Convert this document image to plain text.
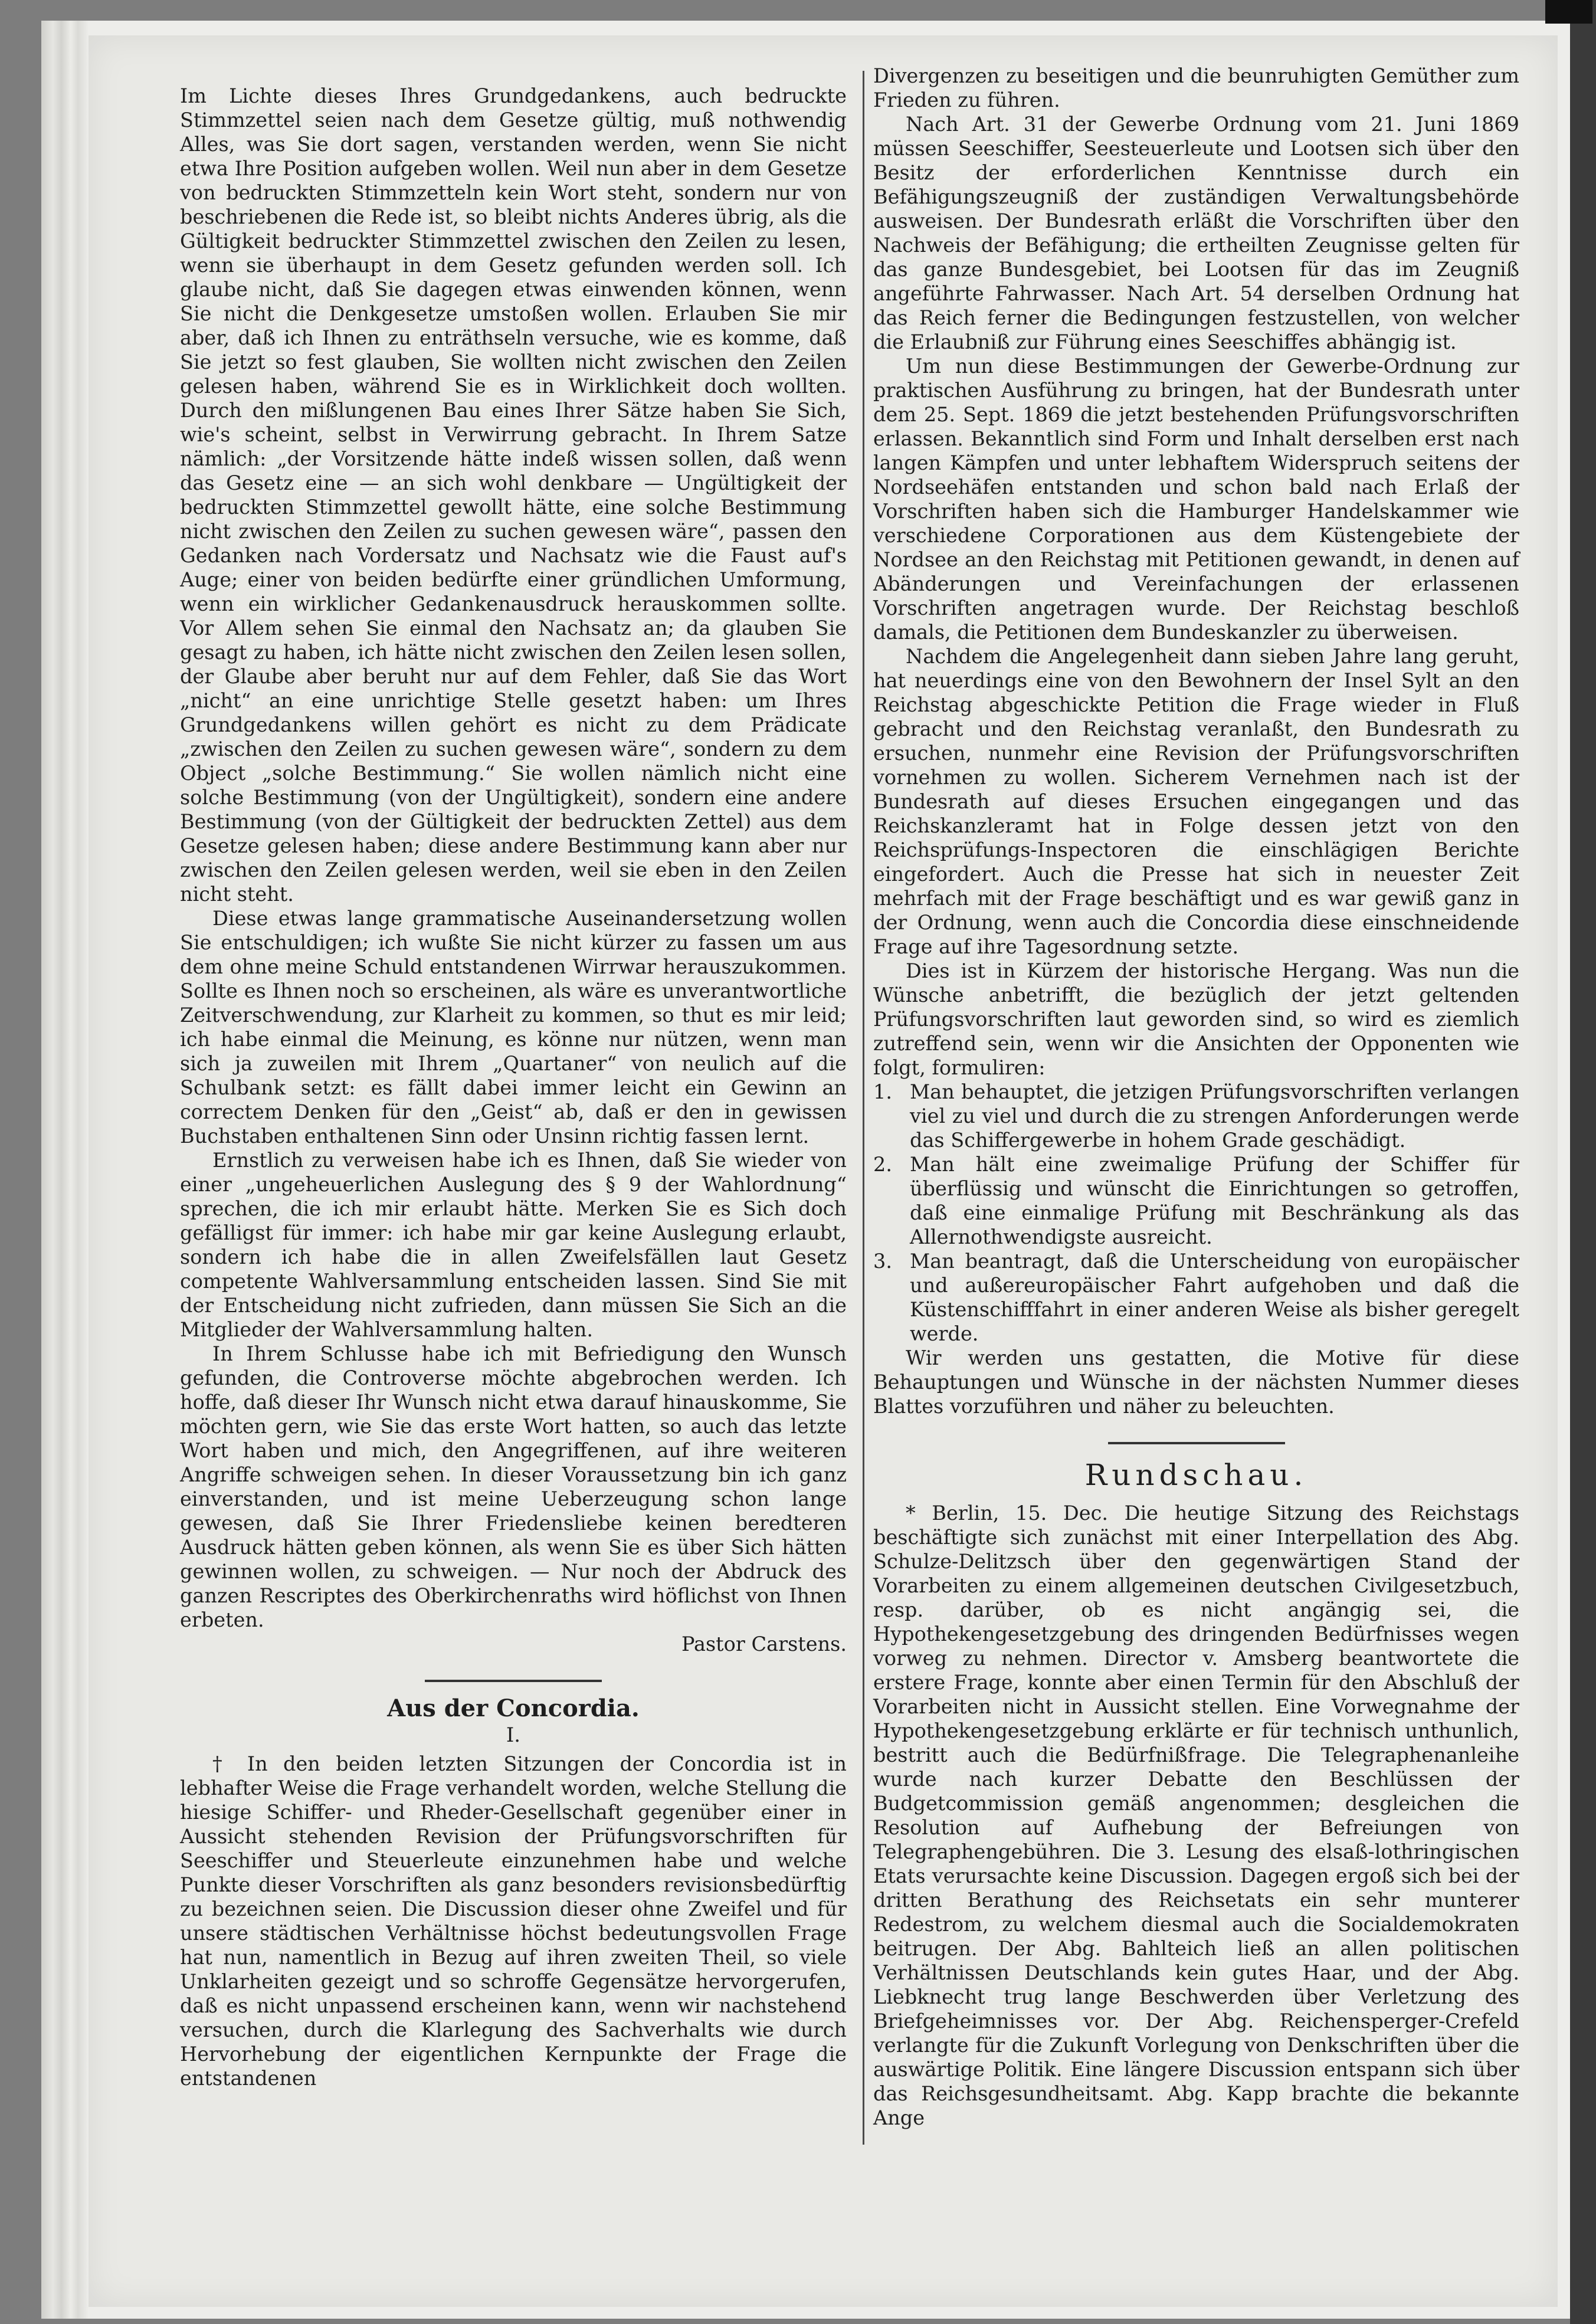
Im Lichte dieses Ihres Grundgedankens, auch bedruckte Stimmzettel seien nach dem Gesetze gültig, muß nothwendig Alles, was Sie dort sagen, verstanden werden, wenn Sie nicht etwa Ihre Position aufgeben wollen. Weil nun aber in dem Gesetze von bedruckten Stimmzetteln kein Wort steht, sondern nur von beschriebenen die Rede ist, so bleibt nichts Anderes übrig, als die Gültigkeit bedruckter Stimmzettel zwischen den Zeilen zu lesen, wenn sie überhaupt in dem Gesetz gefunden werden soll. Ich glaube nicht, daß Sie dagegen etwas einwenden können, wenn Sie nicht die Denkgesetze umstoßen wollen. Erlauben Sie mir aber, daß ich Ihnen zu enträthseln versuche, wie es komme, daß Sie jetzt so fest glauben, Sie wollten nicht zwischen den Zeilen gelesen haben, während Sie es in Wirklichkeit doch wollten. Durch den mißlungenen Bau eines Ihrer Sätze haben Sie Sich, wie's scheint, selbst in Verwirrung gebracht. In Ihrem Satze nämlich: „der Vorsitzende hätte indeß wissen sollen, daß wenn das Gesetz eine — an sich wohl denkbare — Ungültigkeit der bedruckten Stimmzettel gewollt hätte, eine solche Bestimmung nicht zwischen den Zeilen zu suchen gewesen wäre“, passen den Gedanken nach Vordersatz und Nachsatz wie die Faust auf's Auge; einer von beiden bedürfte einer gründlichen Umformung, wenn ein wirklicher Gedankenausdruck herauskommen sollte. Vor Allem sehen Sie einmal den Nachsatz an; da glauben Sie gesagt zu haben, ich hätte nicht zwischen den Zeilen lesen sollen, der Glaube aber beruht nur auf dem Fehler, daß Sie das Wort „nicht“ an eine unrichtige Stelle gesetzt haben: um Ihres Grundgedankens willen gehört es nicht zu dem Prädicate „zwischen den Zeilen zu suchen gewesen wäre“, sondern zu dem Object „solche Bestimmung.“ Sie wollen nämlich nicht eine solche Bestimmung (von der Ungültigkeit), sondern eine andere Bestimmung (von der Gültigkeit der bedruckten Zettel) aus dem Gesetze gelesen haben; diese andere Bestimmung kann aber nur zwischen den Zeilen gelesen werden, weil sie eben in den Zeilen nicht steht.

Diese etwas lange grammatische Auseinandersetzung wollen Sie entschuldigen; ich wußte Sie nicht kürzer zu fassen um aus dem ohne meine Schuld entstandenen Wirrwar herauszukommen. Sollte es Ihnen noch so erscheinen, als wäre es unverantwortliche Zeitverschwendung, zur Klarheit zu kommen, so thut es mir leid; ich habe einmal die Meinung, es könne nur nützen, wenn man sich ja zuweilen mit Ihrem „Quartaner“ von neulich auf die Schulbank setzt: es fällt dabei immer leicht ein Gewinn an correctem Denken für den „Geist“ ab, daß er den in gewissen Buchstaben enthaltenen Sinn oder Unsinn richtig fassen lernt.

Ernstlich zu verweisen habe ich es Ihnen, daß Sie wieder von einer „ungeheuerlichen Auslegung des § 9 der Wahlordnung“ sprechen, die ich mir erlaubt hätte. Merken Sie es Sich doch gefälligst für immer: ich habe mir gar keine Auslegung erlaubt, sondern ich habe die in allen Zweifelsfällen laut Gesetz competente Wahlversammlung entscheiden lassen. Sind Sie mit der Entscheidung nicht zufrieden, dann müssen Sie Sich an die Mitglieder der Wahlversammlung halten.

In Ihrem Schlusse habe ich mit Befriedigung den Wunsch gefunden, die Controverse möchte abgebrochen werden. Ich hoffe, daß dieser Ihr Wunsch nicht etwa darauf hinauskomme, Sie möchten gern, wie Sie das erste Wort hatten, so auch das letzte Wort haben und mich, den Angegriffenen, auf ihre weiteren Angriffe schweigen sehen. In dieser Voraussetzung bin ich ganz einverstanden, und ist meine Ueberzeugung schon lange gewesen, daß Sie Ihrer Friedensliebe keinen beredteren Ausdruck hätten geben können, als wenn Sie es über Sich hätten gewinnen wollen, zu schweigen. — Nur noch der Abdruck des ganzen Rescriptes des Oberkirchenraths wird höflichst von Ihnen erbeten.

Pastor Carstens.

Aus der Concordia.
I.

† In den beiden letzten Sitzungen der Concordia ist in lebhafter Weise die Frage verhandelt worden, welche Stellung die hiesige Schiffer- und Rheder-Gesellschaft gegenüber einer in Aussicht stehenden Revision der Prüfungsvorschriften für Seeschiffer und Steuerleute einzunehmen habe und welche Punkte dieser Vorschriften als ganz besonders revisionsbedürftig zu bezeichnen seien. Die Discussion dieser ohne Zweifel und für unsere städtischen Verhältnisse höchst bedeutungsvollen Frage hat nun, namentlich in Bezug auf ihren zweiten Theil, so viele Unklarheiten gezeigt und so schroffe Gegensätze hervorgerufen, daß es nicht unpassend erscheinen kann, wenn wir nachstehend versuchen, durch die Klarlegung des Sachverhalts wie durch Hervorhebung der eigentlichen Kernpunkte der Frage die entstandenen

Divergenzen zu beseitigen und die beunruhigten Gemüther zum Frieden zu führen.

Nach Art. 31 der Gewerbe Ordnung vom 21. Juni 1869 müssen Seeschiffer, Seesteuerleute und Lootsen sich über den Besitz der erforderlichen Kenntnisse durch ein Befähigungszeugniß der zuständigen Verwaltungsbehörde ausweisen. Der Bundesrath erläßt die Vorschriften über den Nachweis der Befähigung; die ertheilten Zeugnisse gelten für das ganze Bundesgebiet, bei Lootsen für das im Zeugniß angeführte Fahrwasser. Nach Art. 54 derselben Ordnung hat das Reich ferner die Bedingungen festzustellen, von welcher die Erlaubniß zur Führung eines Seeschiffes abhängig ist.

Um nun diese Bestimmungen der Gewerbe-Ordnung zur praktischen Ausführung zu bringen, hat der Bundesrath unter dem 25. Sept. 1869 die jetzt bestehenden Prüfungsvorschriften erlassen. Bekanntlich sind Form und Inhalt derselben erst nach langen Kämpfen und unter lebhaftem Widerspruch seitens der Nordseehäfen entstanden und schon bald nach Erlaß der Vorschriften haben sich die Hamburger Handelskammer wie verschiedene Corporationen aus dem Küstengebiete der Nordsee an den Reichstag mit Petitionen gewandt, in denen auf Abänderungen und Vereinfachungen der erlassenen Vorschriften angetragen wurde. Der Reichstag beschloß damals, die Petitionen dem Bundeskanzler zu überweisen.

Nachdem die Angelegenheit dann sieben Jahre lang geruht, hat neuerdings eine von den Bewohnern der Insel Sylt an den Reichstag abgeschickte Petition die Frage wieder in Fluß gebracht und den Reichstag veranlaßt, den Bundesrath zu ersuchen, nunmehr eine Revision der Prüfungsvorschriften vornehmen zu wollen. Sicherem Vernehmen nach ist der Bundesrath auf dieses Ersuchen eingegangen und das Reichskanzleramt hat in Folge dessen jetzt von den Reichsprüfungs-Inspectoren die einschlägigen Berichte eingefordert. Auch die Presse hat sich in neuester Zeit mehrfach mit der Frage beschäftigt und es war gewiß ganz in der Ordnung, wenn auch die Concordia diese einschneidende Frage auf ihre Tagesordnung setzte.

Dies ist in Kürzem der historische Hergang. Was nun die Wünsche anbetrifft, die bezüglich der jetzt geltenden Prüfungsvorschriften laut geworden sind, so wird es ziemlich zutreffend sein, wenn wir die Ansichten der Opponenten wie folgt, formuliren:

1. Man behauptet, die jetzigen Prüfungsvorschriften verlangen viel zu viel und durch die zu strengen Anforderungen werde das Schiffergewerbe in hohem Grade geschädigt.
2. Man hält eine zweimalige Prüfung der Schiffer für überflüssig und wünscht die Einrichtungen so getroffen, daß eine einmalige Prüfung mit Beschränkung als das Allernothwendigste ausreicht.
3. Man beantragt, daß die Unterscheidung von europäischer und außereuropäischer Fahrt aufgehoben und daß die Küstenschifffahrt in einer anderen Weise als bisher geregelt werde.

Wir werden uns gestatten, die Motive für diese Behauptungen und Wünsche in der nächsten Nummer dieses Blattes vorzuführen und näher zu beleuchten.

Rundschau.

* Berlin, 15. Dec. Die heutige Sitzung des Reichstags beschäftigte sich zunächst mit einer Interpellation des Abg. Schulze-Delitzsch über den gegenwärtigen Stand der Vorarbeiten zu einem allgemeinen deutschen Civilgesetzbuch, resp. darüber, ob es nicht angängig sei, die Hypothekengesetzgebung des dringenden Bedürfnisses wegen vorweg zu nehmen. Director v. Amsberg beantwortete die erstere Frage, konnte aber einen Termin für den Abschluß der Vorarbeiten nicht in Aussicht stellen. Eine Vorwegnahme der Hypothekengesetzgebung erklärte er für technisch unthunlich, bestritt auch die Bedürfnißfrage. Die Telegraphenanleihe wurde nach kurzer Debatte den Beschlüssen der Budgetcommission gemäß angenommen; desgleichen die Resolution auf Aufhebung der Befreiungen von Telegraphengebühren. Die 3. Lesung des elsaß-lothringischen Etats verursachte keine Discussion. Dagegen ergoß sich bei der dritten Berathung des Reichsetats ein sehr munterer Redestrom, zu welchem diesmal auch die Socialdemokraten beitrugen. Der Abg. Bahlteich ließ an allen politischen Verhältnissen Deutschlands kein gutes Haar, und der Abg. Liebknecht trug lange Beschwerden über Verletzung des Briefgeheimnisses vor. Der Abg. Reichensperger-Crefeld verlangte für die Zukunft Vorlegung von Denkschriften über die auswärtige Politik. Eine längere Discussion entspann sich über das Reichsgesundheitsamt. Abg. Kapp brachte die bekannte Ange
